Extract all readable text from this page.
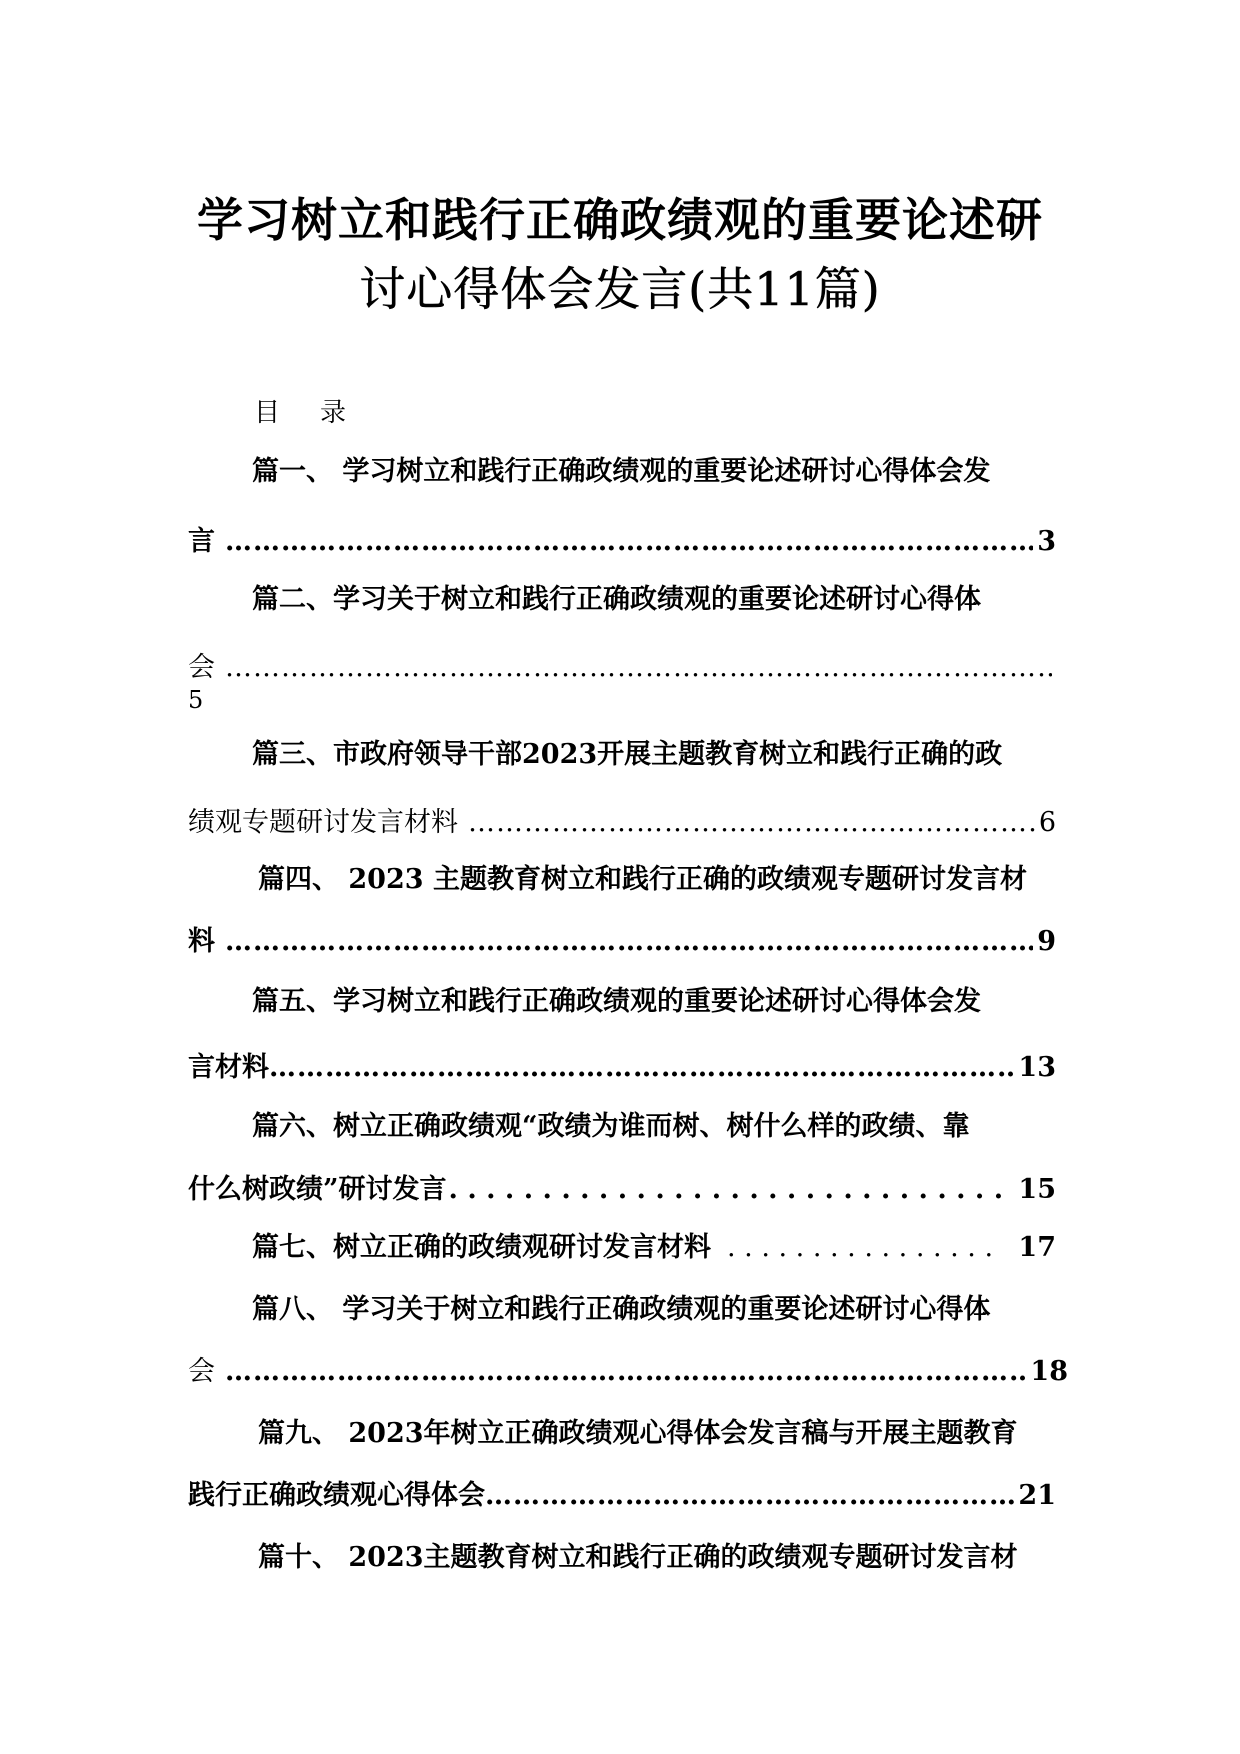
学习树立和践行正确政绩观的重要论述研
讨心得体会发言(共11篇)
目 录
篇一、 学习树立和践行正确政绩观的重要论述研讨心得体会发
言 …………………………………………………………………………………………………………………………………………………………………………………………………………………………	3
篇二、学习关于树立和践行正确政绩观的重要论述研讨心得体
会
…………………………………………………………………………………………………………………………………………………………………………………………………………………………
5
篇三、市政府领导干部2023开展主题教育树立和践行正确的政
绩观专题研讨发言材料 …………………………………………………………………………………………………………………………………………………………………………………………………………………………	6
篇四、 2023 主题教育树立和践行正确的政绩观专题研讨发言材
料 …………………………………………………………………………………………………………………………………………………………………………………………………………………………	9
篇五、学习树立和践行正确政绩观的重要论述研讨心得体会发
言材料 …………………………………………………………………………………………………………………………………………………………………………………………………………………………	13
篇六、树立正确政绩观“政绩为谁而树、树什么样的政绩、靠
什么树政绩”研讨发言 . . .	15
篇七、树立正确的政绩观研讨发言材料 . . .	17
篇八、 学习关于树立和践行正确政绩观的重要论述研讨心得体
会 …………………………………………………………………………………………………………………………………………………………………………………………………………………………	18
篇九、 2023年树立正确政绩观心得体会发言稿与开展主题教育
践行正确政绩观心得体会 …………………………………………………………………………………………………………………………………………………………………………………………………………………………	21
篇十、 2023主题教育树立和践行正确的政绩观专题研讨发言材
